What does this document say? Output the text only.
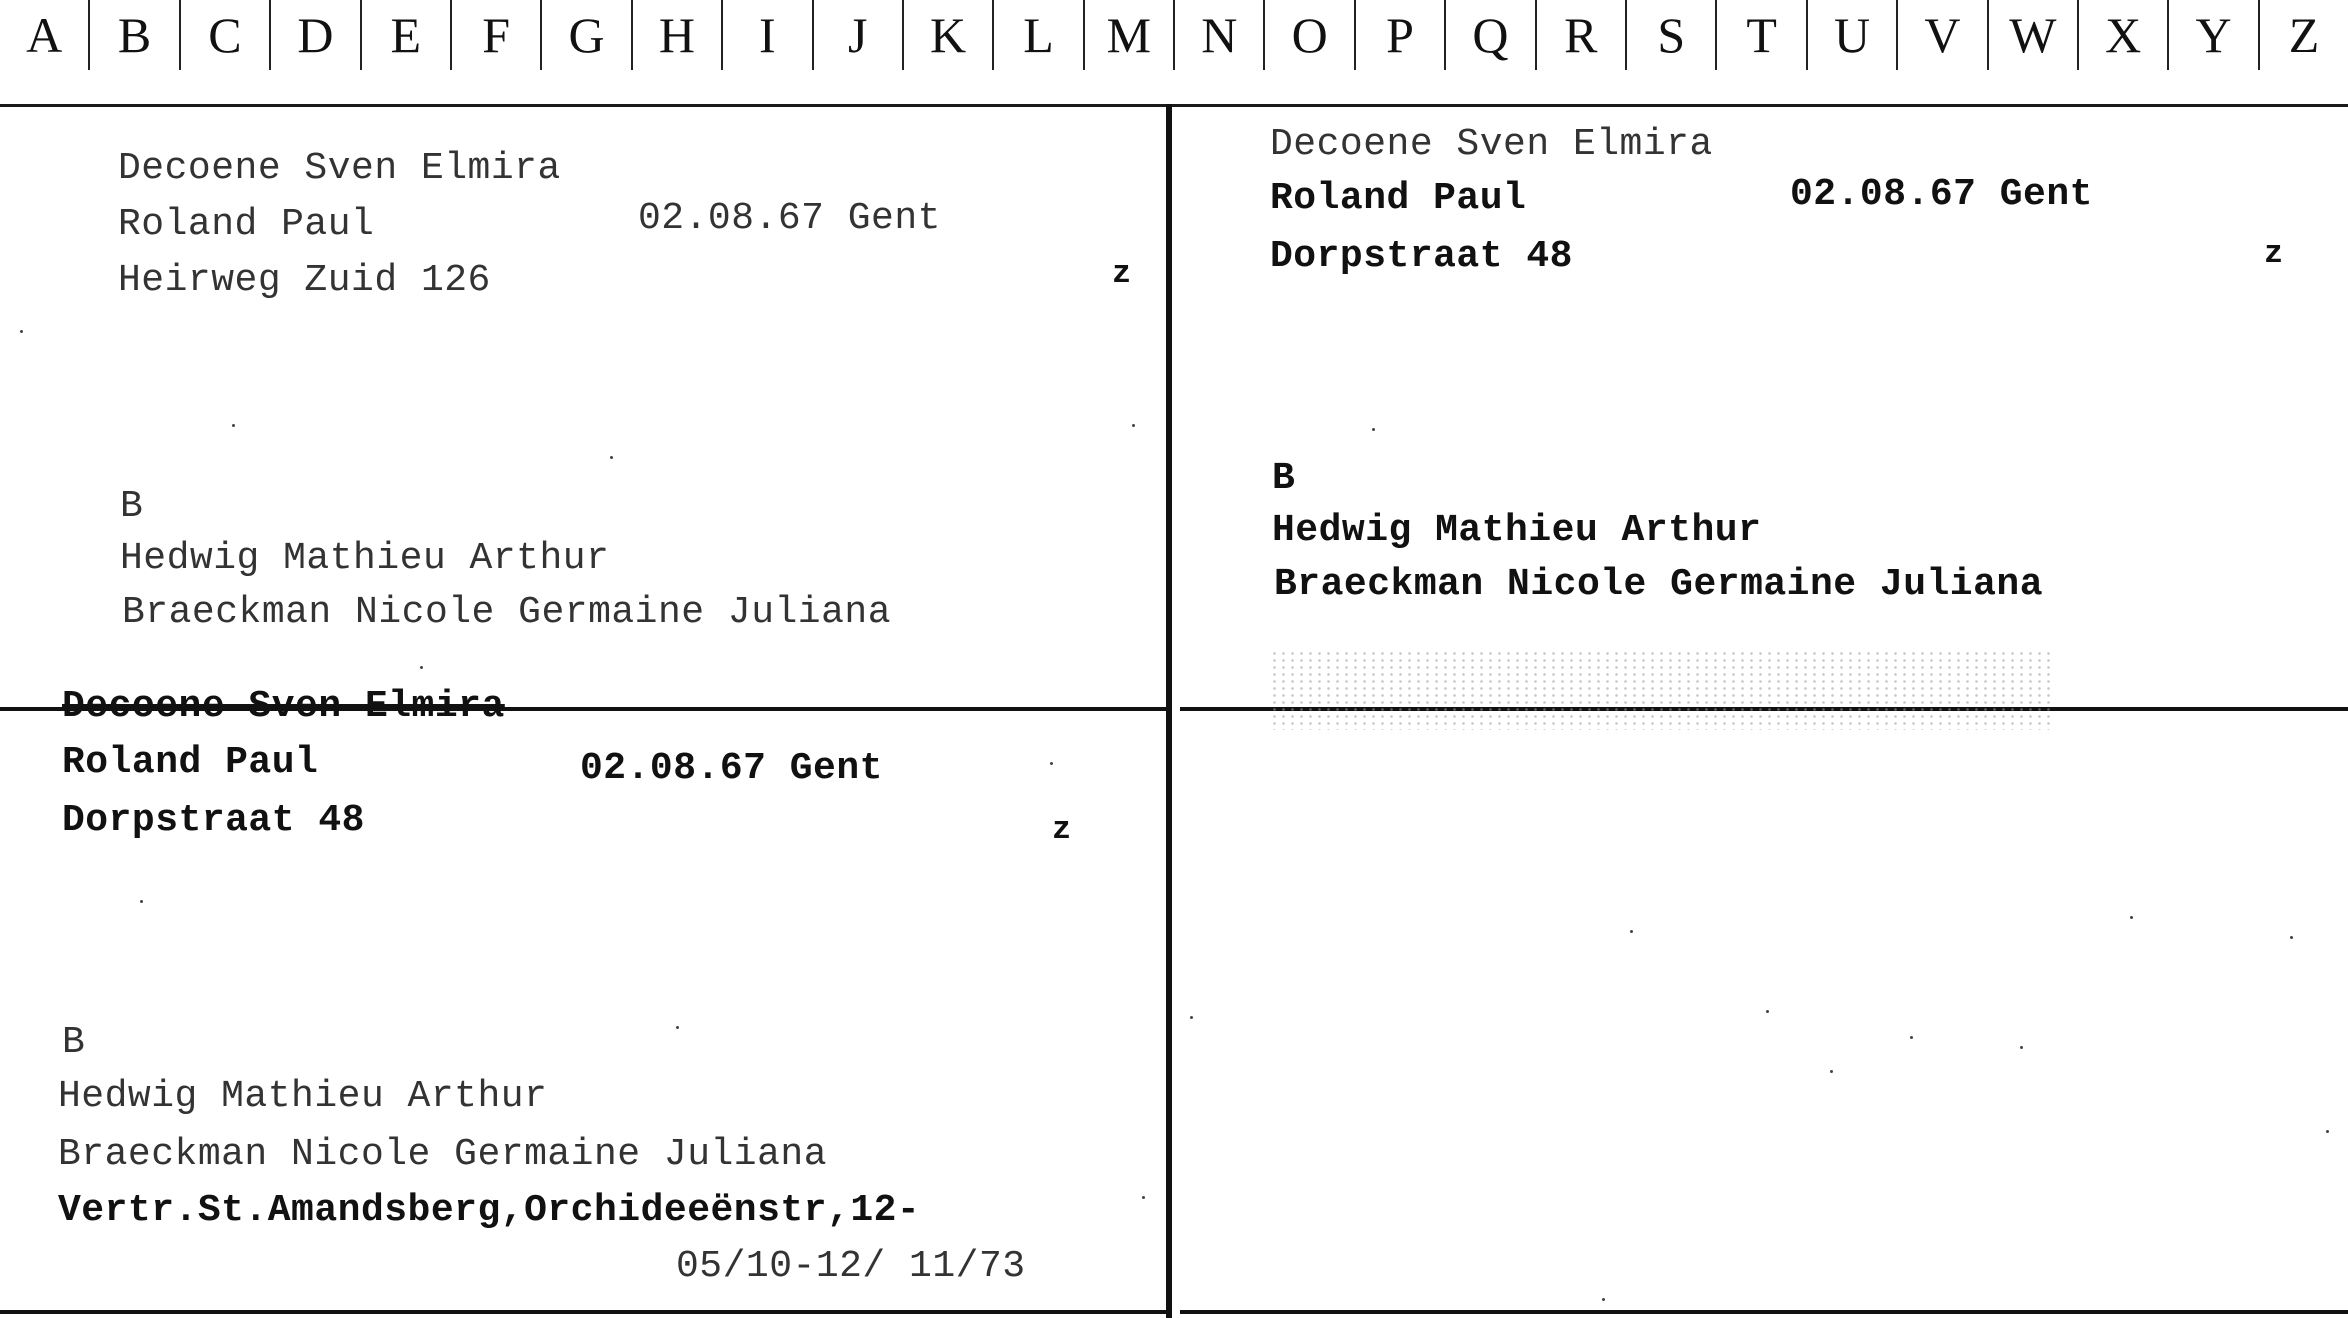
A	B	C	D	E	F	G	H	I	J	K	L	M	N	O	P	Q	R	S	T	U	V W X	Y	Z
Decoene Sven Elmira
Roland Paul	02.08.67 Gent
Heirweg Zuid 126	z
B
Hedwig Mathieu Arthur
Braeckman Nicole Germaine Juliana
Decoene Sven Elmira
Roland Paul	02.08.67 Gent
Dorpstraat 48	z
B
Hedwig Mathieu Arthur
Braeckman Nicole Germaine Juliana
Decoene Sven Elmira
Roland Paul	02.08.67 Gent
Dorpstraat 48	z
B
Hedwig Mathieu Arthur
Braeckman Nicole Germaine Juliana
Vertr.St.Amandsberg,Orchideeënstr,12-
05/10-12/ 11/73
